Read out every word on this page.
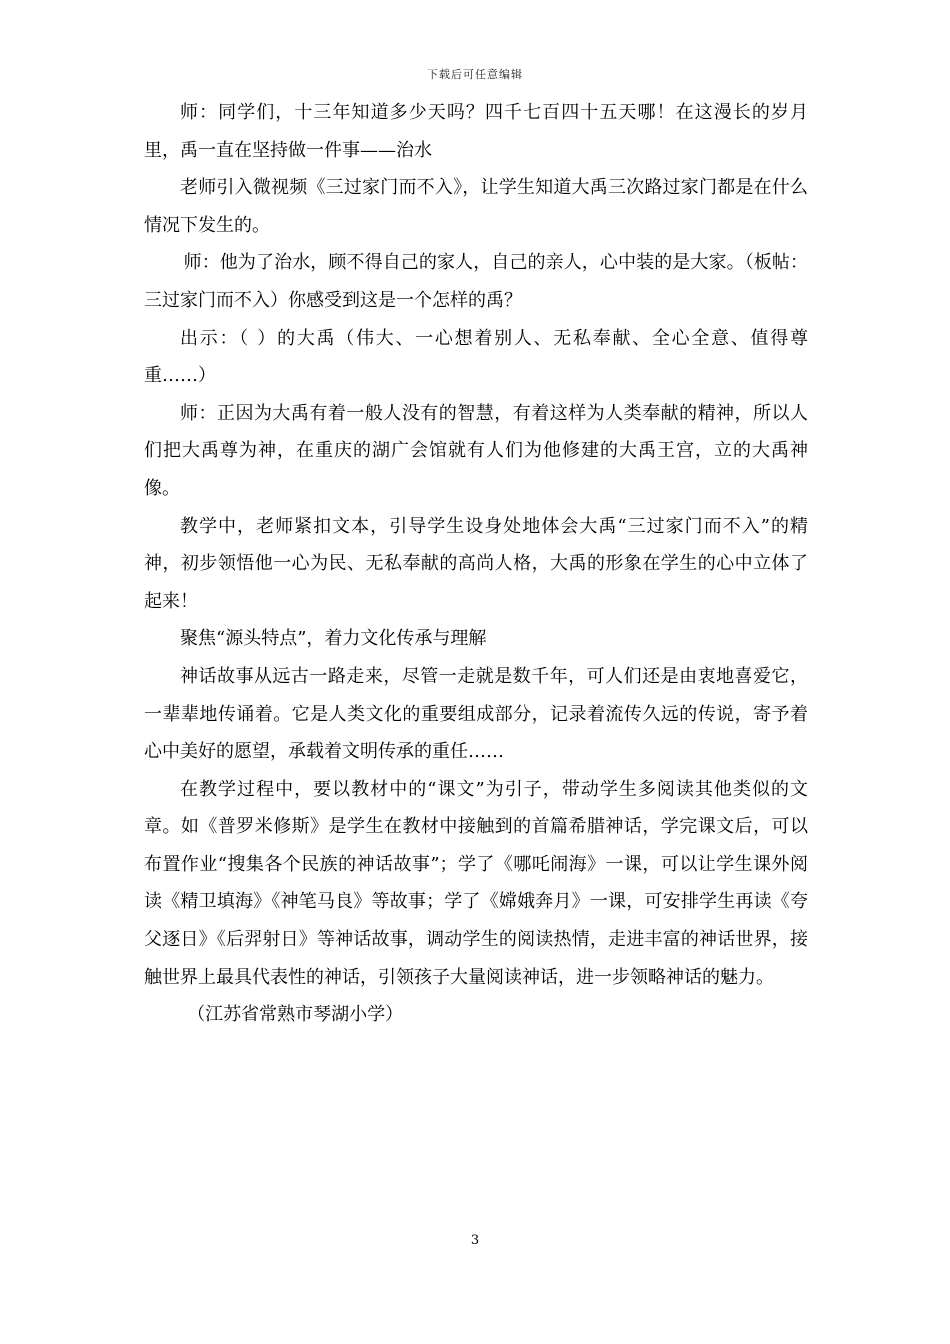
下载后可任意编辑

师：同学们，十三年知道多少天吗？四千七百四十五天哪！在这漫长的岁月里，禹一直在坚持做一件事——治水

老师引入微视频《三过家门而不入》，让学生知道大禹三次路过家门都是在什么情况下发生的。

师：他为了治水，顾不得自己的家人，自己的亲人，心中装的是大家。（板帖：三过家门而不入）你感受到这是一个怎样的禹？

出示：（ ）的大禹（伟大、一心想着别人、无私奉献、全心全意、值得尊重……）

师：正因为大禹有着一般人没有的智慧，有着这样为人类奉献的精神，所以人们把大禹尊为神，在重庆的湖广会馆就有人们为他修建的大禹王宫，立的大禹神像。

教学中，老师紧扣文本，引导学生设身处地体会大禹“三过家门而不入”的精神，初步领悟他一心为民、无私奉献的高尚人格，大禹的形象在学生的心中立体了起来！

聚焦“源头特点”，着力文化传承与理解

神话故事从远古一路走来，尽管一走就是数千年，可人们还是由衷地喜爱它，一辈辈地传诵着。它是人类文化的重要组成部分，记录着流传久远的传说，寄予着心中美好的愿望，承载着文明传承的重任……

在教学过程中，要以教材中的“课文”为引子，带动学生多阅读其他类似的文章。如《普罗米修斯》是学生在教材中接触到的首篇希腊神话，学完课文后，可以布置作业“搜集各个民族的神话故事”；学了《哪吒闹海》一课，可以让学生课外阅读《精卫填海》《神笔马良》等故事；学了《嫦娥奔月》一课，可安排学生再读《夸父逐日》《后羿射日》等神话故事，调动学生的阅读热情，走进丰富的神话世界，接触世界上最具代表性的神话，引领孩子大量阅读神话，进一步领略神话的魅力。

（江苏省常熟市琴湖小学）

3
